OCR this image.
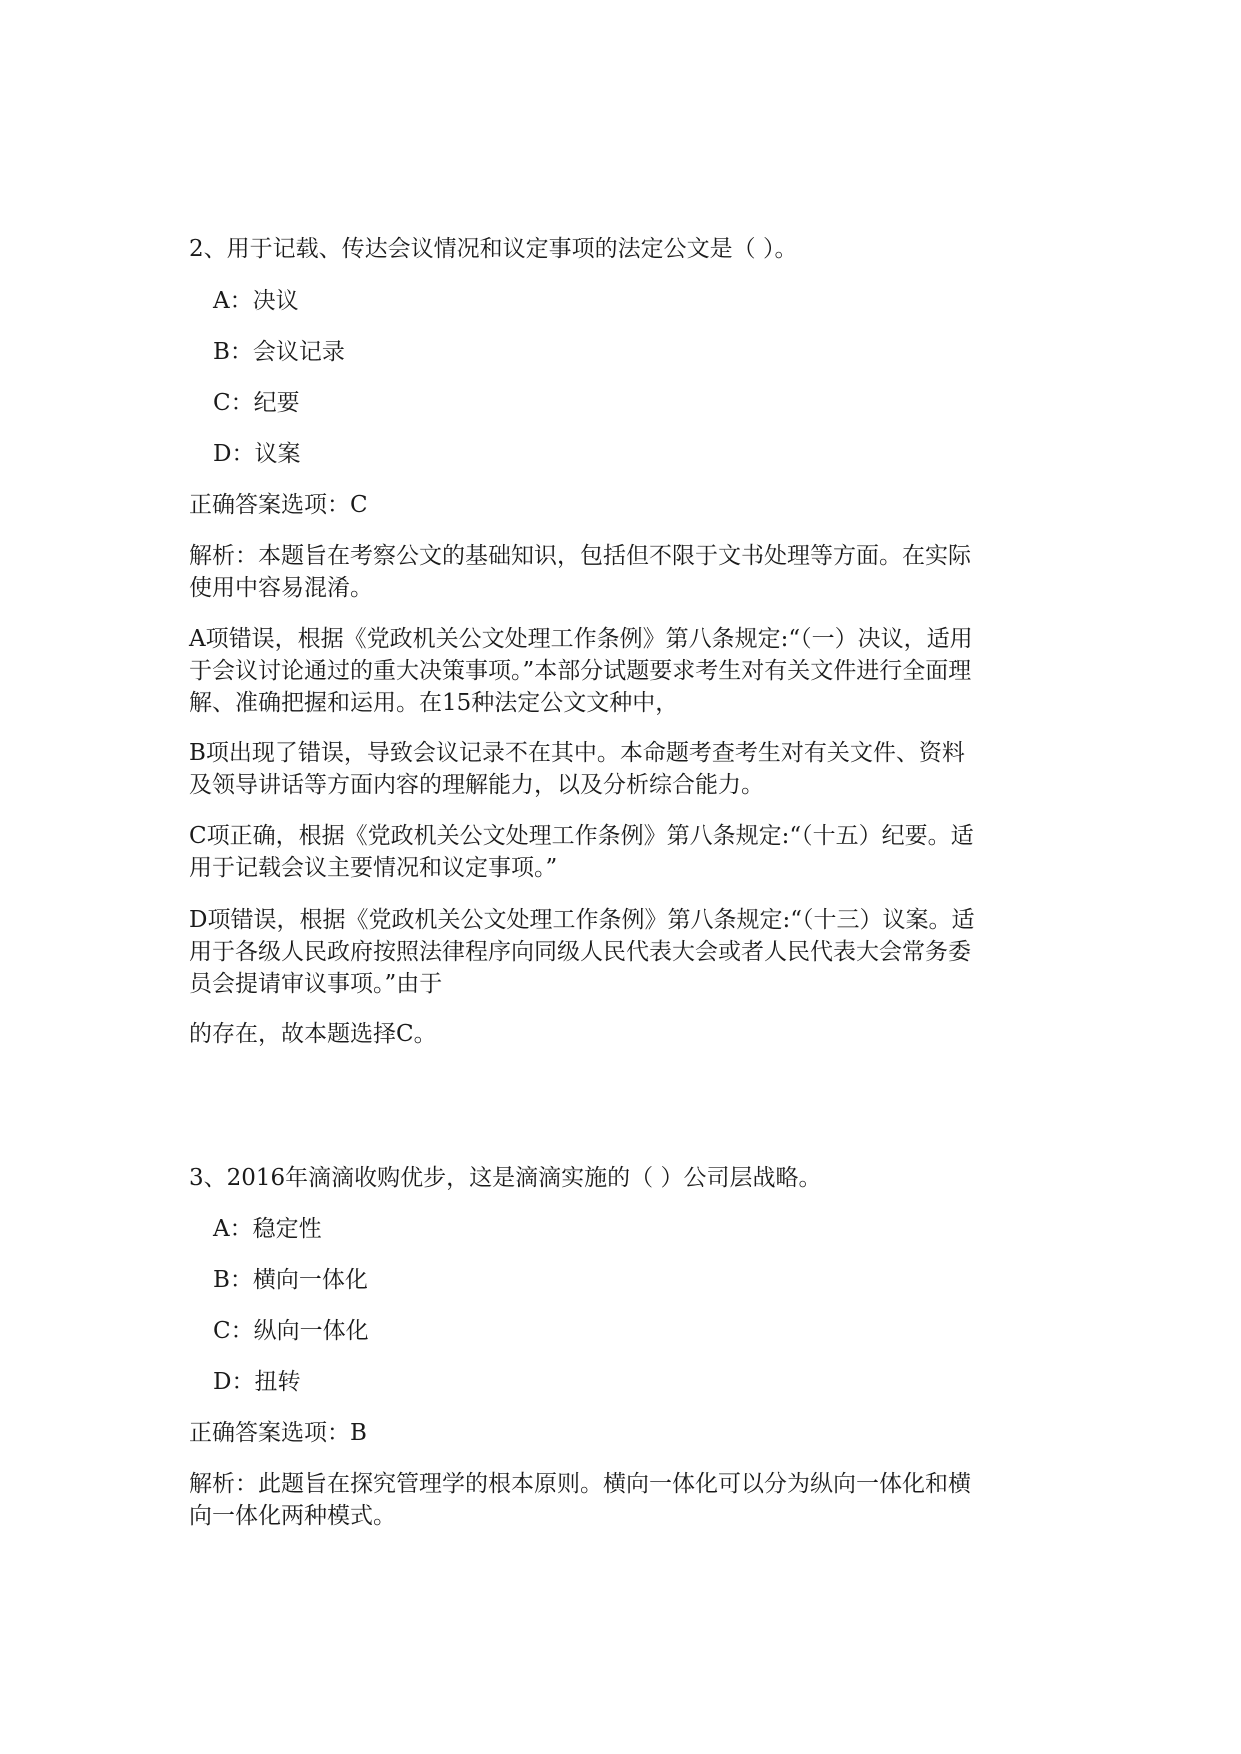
2、用于记载、传达会议情况和议定事项的法定公文是（ ）。

A：决议

B：会议记录

C：纪要

D：议案

正确答案选项：C

解析：本题旨在考察公文的基础知识，包括但不限于文书处理等方面。在实际
使用中容易混淆。
A项错误，根据《党政机关公文处理工作条例》第八条规定:“（一）决议，适用
于会议讨论通过的重大决策事项。”本部分试题要求考生对有关文件进行全面理
解、准确把握和运用。在15种法定公文文种中，
B项出现了错误，导致会议记录不在其中。本命题考查考生对有关文件、资料
及领导讲话等方面内容的理解能力，以及分析综合能力。
C项正确，根据《党政机关公文处理工作条例》第八条规定:“（十五）纪要。适
用于记载会议主要情况和议定事项。”
D项错误，根据《党政机关公文处理工作条例》第八条规定:“（十三）议案。适
用于各级人民政府按照法律程序向同级人民代表大会或者人民代表大会常务委
员会提请审议事项。”由于
的存在，故本题选择C。

3、2016年滴滴收购优步，这是滴滴实施的（ ）公司层战略。

A：稳定性

B：横向一体化

C：纵向一体化

D：扭转

正确答案选项：B

解析：此题旨在探究管理学的根本原则。横向一体化可以分为纵向一体化和横
向一体化两种模式。
